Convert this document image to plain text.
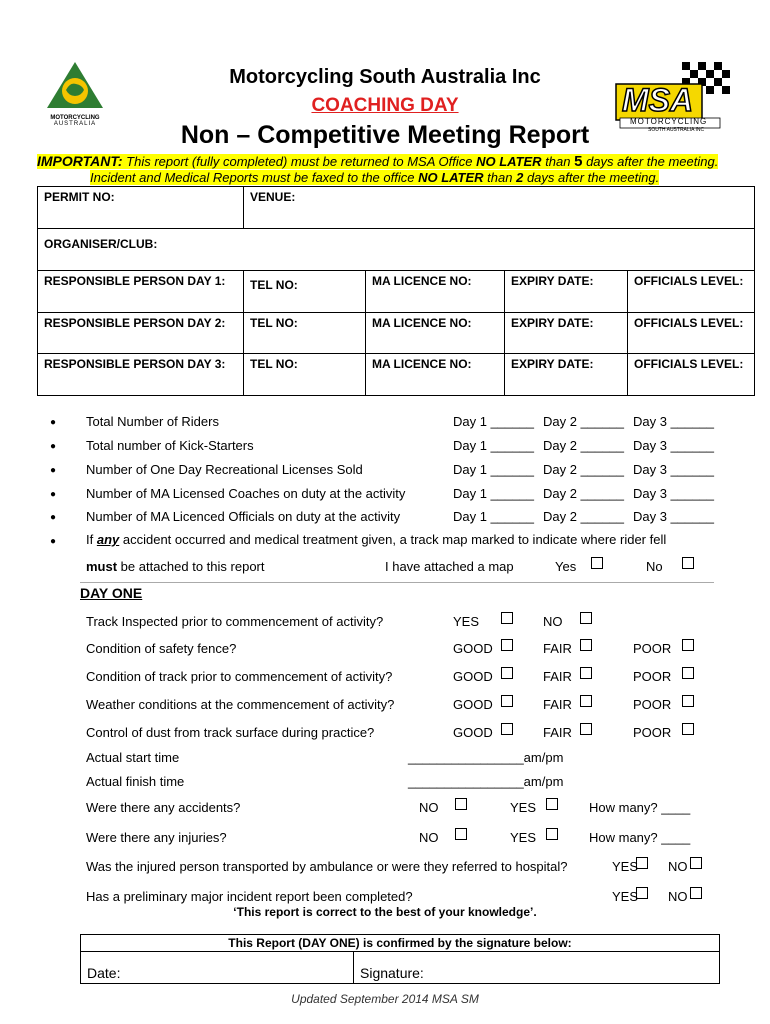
MOTORCYCLING
AUSTRALIA
MSA
MOTORCYCLING
SOUTH AUSTRALIA INC
Motorcycling South Australia Inc
COACHING DAY
Non – Competitive Meeting Report
IMPORTANT: This report (fully completed) must be returned to MSA Office NO LATER than 5 days after the meeting.
Incident and Medical Reports must be faxed to the office NO LATER than 2 days after the meeting.
PERMIT NO:	VENUE:			
ORGANISER/CLUB:				
RESPONSIBLE PERSON DAY 1:	TEL NO:	MA LICENCE NO:	EXPIRY DATE:	OFFICIALS LEVEL:
RESPONSIBLE PERSON DAY 2:	TEL NO:	MA LICENCE NO:	EXPIRY DATE:	OFFICIALS LEVEL:
RESPONSIBLE PERSON DAY 3:	TEL NO:	MA LICENCE NO:	EXPIRY DATE:	OFFICIALS LEVEL:
● Total Number of Riders	Day 1 ______ Day 2 ______ Day 3 ______
● Total number of Kick-Starters	Day 1 ______ Day 2 ______ Day 3 ______
● Number of One Day Recreational Licenses Sold	Day 1 ______ Day 2 ______ Day 3 ______
● Number of MA Licensed Coaches on duty at the activity	Day 1 ______ Day 2 ______ Day 3 ______
● Number of MA Licenced Officials on duty at the activity	Day 1 ______ Day 2 ______ Day 3 ______
● If any accident occurred and medical treatment given, a track map marked to indicate where rider fell
must be attached to this report	I have attached a map	Yes	No
DAY ONE
Track Inspected prior to commencement of activity?	YES	NO
Condition of safety fence?	GOOD	FAIR	POOR
Condition of track prior to commencement of activity?	GOOD	FAIR	POOR
Weather conditions at the commencement of activity?	GOOD	FAIR	POOR
Control of dust from track surface during practice?	GOOD	FAIR	POOR
Actual start time	________________am/pm
Actual finish time	________________am/pm
Were there any accidents?	NO	YES	How many? ____
Were there any injuries?	NO	YES	How many? ____
Was the injured person transported by ambulance or were they referred to hospital?	YES NO
Has a preliminary major incident report been completed?	YES NO
‘This report is correct to the best of your knowledge’.
This Report (DAY ONE) is confirmed by the signature below:
Date:	Signature:
Updated September 2014 MSA SM
